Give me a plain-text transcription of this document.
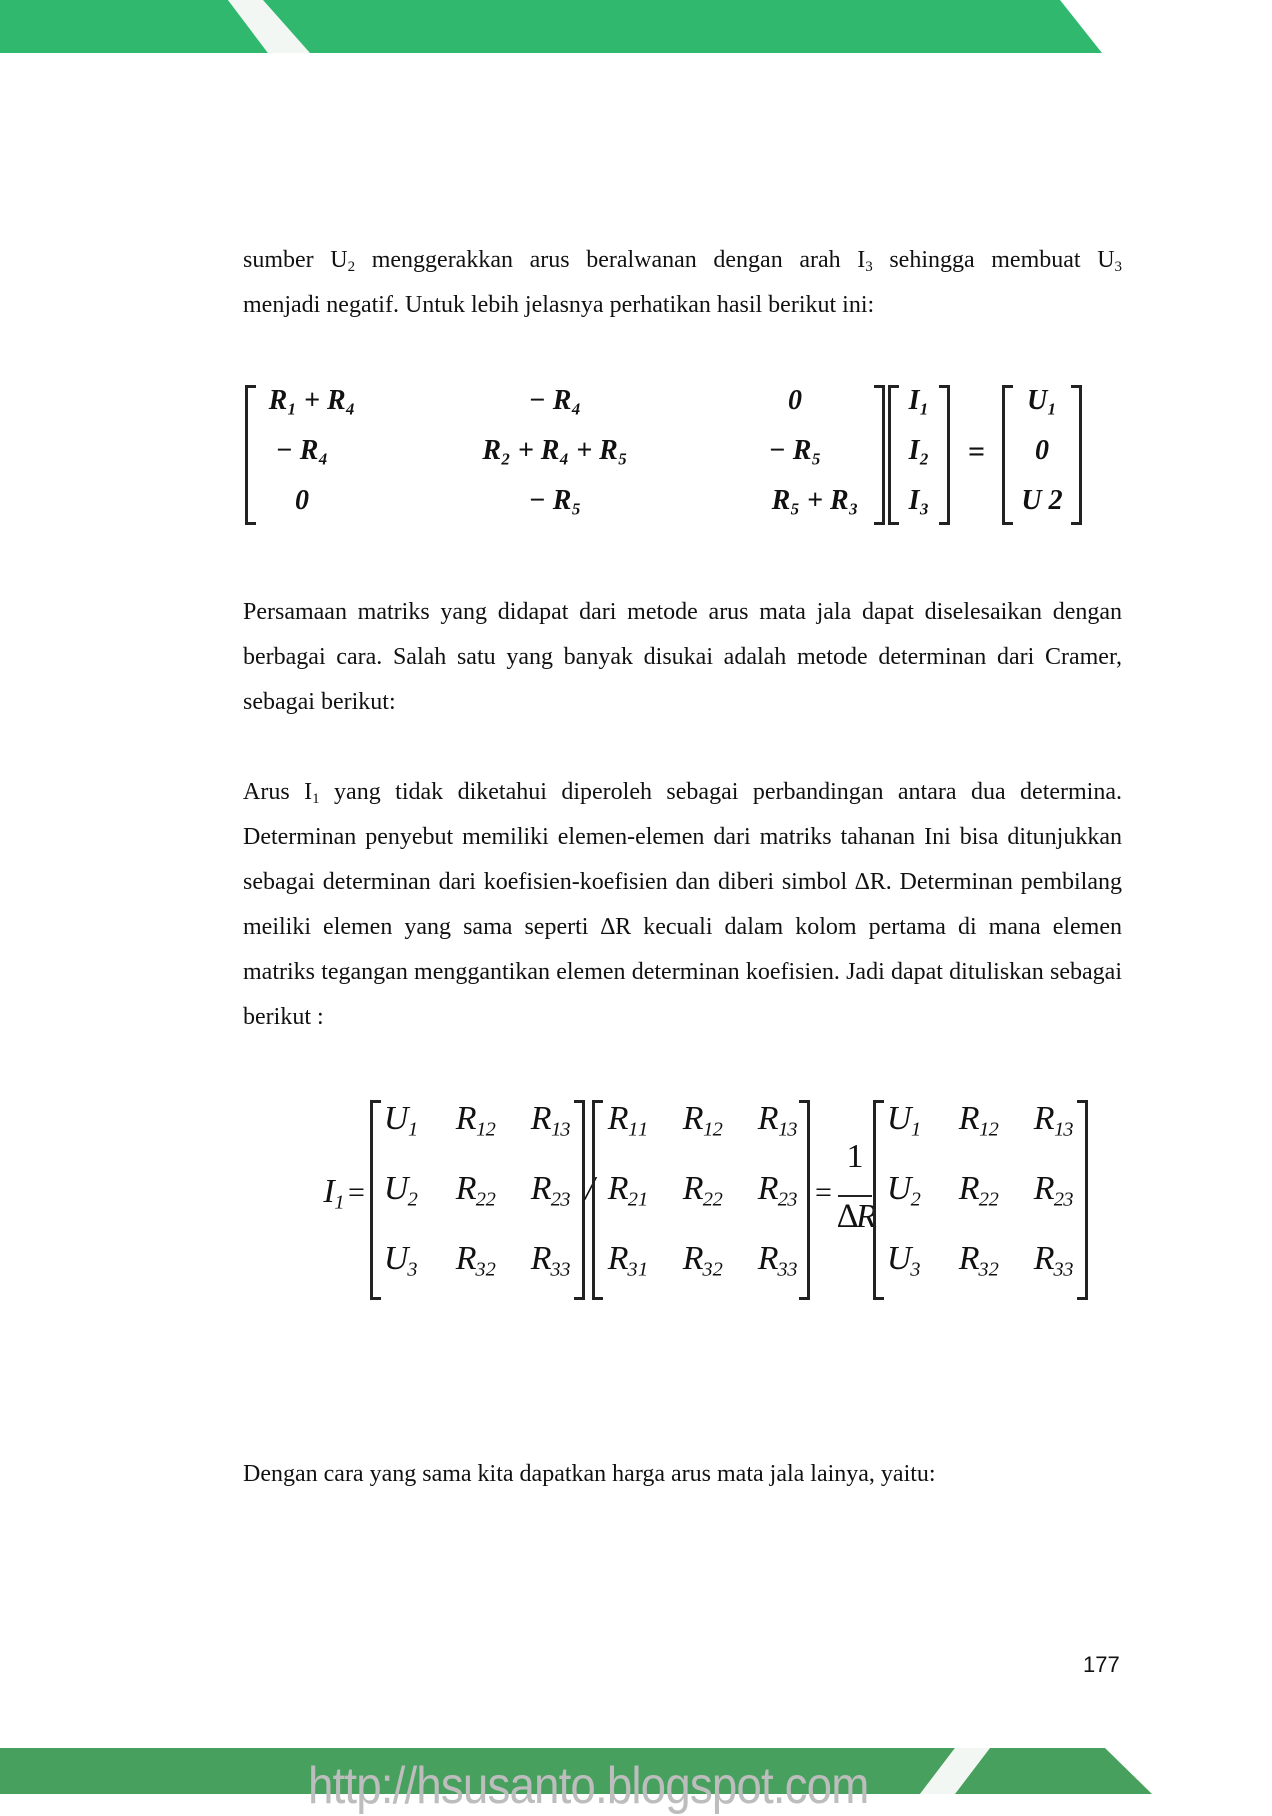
sumber $U_2$ menggerakkan arus beralwanan dengan arah $I_3$ sehingga membuat $U_3$
menjadi negatif. Untuk lebih jelasnya perhatikan hasil berikut ini:

R₁ + R₄	− R₄	0
− R₄	R₂ + R₄ + R₅	− R₅
0	− R₅	R₅ + R₃
I₁
I₂
I₃
=
U₁
0
U 2

Persamaan matriks yang didapat dari metode arus mata jala dapat diselesaikan dengan berbagai cara. Salah satu yang banyak disukai adalah metode determinan dari Cramer, sebagai berikut:

Arus $I_1$ yang tidak diketahui diperoleh sebagai perbandingan antara dua determina. Determinan penyebut memiliki elemen-elemen dari matriks tahanan Ini bisa ditunjukkan sebagai determinan dari koefisien-koefisien dan diberi simbol ∆R. Determinan pembilang meiliki elemen yang sama seperti ∆R kecuali dalam kolom pertama di mana elemen matriks tegangan menggantikan elemen determinan koefisien. Jadi dapat dituliskan sebagai berikut :

I₁ =
U₁ R₁₂ R₁₃
U₂ R₂₂ R₂₃
U₃ R₃₂ R₃₃
/
R₁₁ R₁₂ R₁₃
R₂₁ R₂₂ R₂₃
R₃₁ R₃₂ R₃₃
=
1
∆R
U₁ R₁₂ R₁₃
U₂ R₂₂ R₂₃
U₃ R₃₂ R₃₃

Dengan cara yang sama kita dapatkan harga arus mata jala lainya, yaitu:

177
http://hsusanto.blogspot.com
